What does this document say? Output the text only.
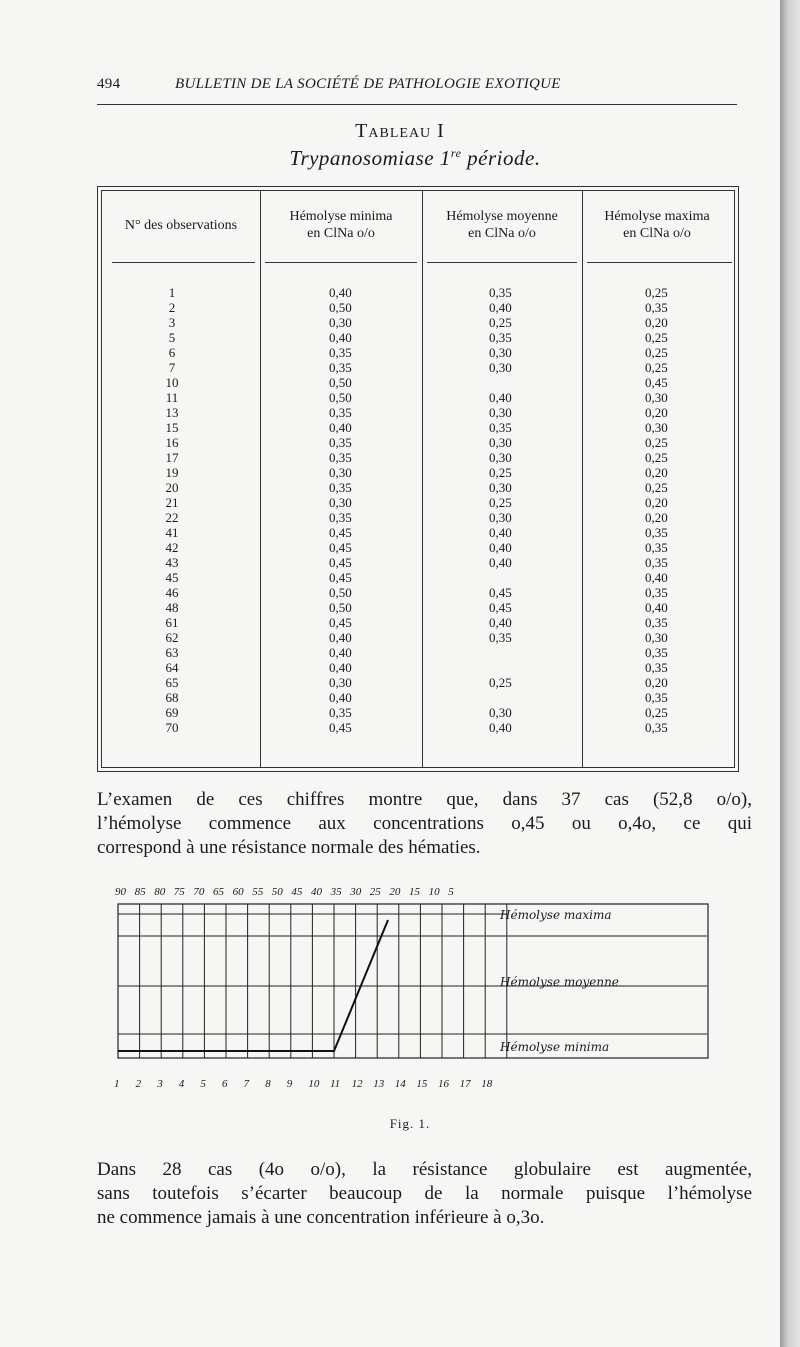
494	BULLETIN DE LA SOCIÉTÉ DE PATHOLOGIE EXOTIQUE
Tableau I
Trypanosomiase 1re période.
N° des observations
Hémolyse minima
en ClNa o/o
Hémolyse moyenne
en ClNa o/o
Hémolyse maxima
en ClNa o/o
1
2
3
5
6
7
10
11
13
15
16
17
19
20
21
22
41
42
43
45
46
48
61
62
63
64
65
68
69
70
0,40
0,50
0,30
0,40
0,35
0,35
0,50
0,50
0,35
0,40
0,35
0,35
0,30
0,35
0,30
0,35
0,45
0,45
0,45
0,45
0,50
0,50
0,45
0,40
0,40
0,40
0,30
0,40
0,35
0,45
0,35
0,40
0,25
0,35
0,30
0,30
0,40
0,30
0,35
0,30
0,30
0,25
0,30
0,25
0,30
0,40
0,40
0,40
0,45
0,45
0,40
0,35
0,25
0,30
0,40
0,25
0,35
0,20
0,25
0,25
0,25
0,45
0,30
0,20
0,30
0,25
0,25
0,20
0,25
0,20
0,20
0,35
0,35
0,35
0,40
0,35
0,40
0,35
0,30
0,35
0,35
0,20
0,35
0,25
0,35
L’examen de ces chiffres montre que, dans 37 cas (52,8 o/o),
l’hémolyse commence aux concentrations o,45 ou o,4o, ce qui
correspond à une résistance normale des hématies.
90 85 80 75 70 65 60 55 50 45 40 35 30 25 20 15 10 5
Hémolyse maxima
Hémolyse moyenne
Hémolyse minima
1 2 3 4 5 6 7 8 9 10 11 12 13 14 15 16 17 18
Fig. 1.
Dans 28 cas (4o o/o), la résistance globulaire est augmentée,
sans toutefois s’écarter beaucoup de la normale puisque l’hémolyse
ne commence jamais à une concentration inférieure à o,3o.
